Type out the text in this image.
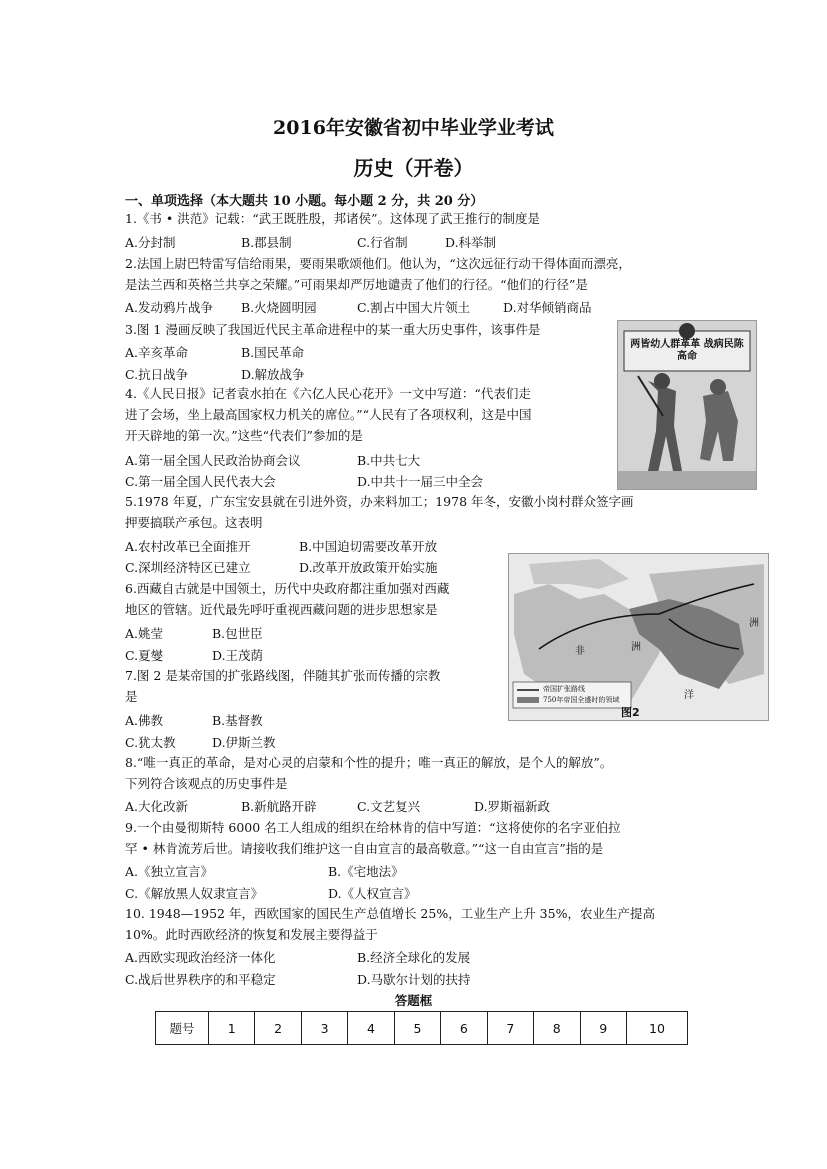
2016年安徽省初中毕业学业考试
历史（开卷）
一、单项选择（本大题共 10 小题。每小题 2 分，共 20 分）
1.《书 • 洪范》记载：“武王既胜殷，邦诸侯”。这体现了武王推行的制度是
A.分封制	B.郡县制	C.行省制	D.科举制
2.法国上尉巴特雷写信给雨果，要雨果歌颂他们。他认为，“这次远征行动干得体面而漂亮，
是法兰西和英格兰共享之荣耀。”可雨果却严厉地谴责了他们的行径。“他们的行径”是
A.发动鸦片战争 B.火烧圆明园	C.割占中国大片领土	D.对华倾销商品
3.图 1 漫画反映了我国近代民主革命进程中的某一重大历史事件，该事件是
A.辛亥革命	B.国民革命
C.抗日战争	D.解放战争
两皆幼人群革革 战病民陈高命
4.《人民日报》记者袁水拍在《六亿人民心花开》一文中写道：“代表们走
进了会场，坐上最高国家权力机关的席位。”“人民有了各项权利，这是中国
开天辟地的第一次。”这些“代表们”参加的是
A.第一届全国人民政治协商会议	B.中共七大
C.第一届全国人民代表大会	D.中共十一届三中全会
5.1978 年夏，广东宝安县就在引进外资，办来料加工；1978 年冬，安徽小岗村群众签字画
押要搞联产承包。这表明
A.农村改革已全面推开	B.中国迫切需要改革开放
C.深圳经济特区已建立	D.改革开放政策开始实施
非	洲
洲
洋
帝国扩张路线
750年帝国全盛时的领域
图2
6.西藏自古就是中国领土，历代中央政府都注重加强对西藏
地区的管辖。近代最先呼吁重视西藏问题的进步思想家是
A.姚莹	B.包世臣
C.夏燮	D.王茂荫
7.图 2 是某帝国的扩张路线图，伴随其扩张而传播的宗教
是
A.佛教	B.基督教
C.犹太教	D.伊斯兰教
8.“唯一真正的革命，是对心灵的启蒙和个性的提升；唯一真正的解放，是个人的解放”。
下列符合该观点的历史事件是
A.大化改新	B.新航路开辟	C.文艺复兴	D.罗斯福新政
9.一个由曼彻斯特 6000 名工人组成的组织在给林肯的信中写道：“这将使你的名字亚伯拉
罕 • 林肯流芳后世。请接收我们维护这一自由宣言的最高敬意。”“这一自由宣言”指的是
A.《独立宣言》	B.《宅地法》
C.《解放黑人奴隶宣言》	D.《人权宣言》
10. 1948—1952 年，西欧国家的国民生产总值增长 25%，工业生产上升 35%，农业生产提高
10%。此时西欧经济的恢复和发展主要得益于
A.西欧实现政治经济一体化	B.经济全球化的发展
C.战后世界秩序的和平稳定	D.马歇尔计划的扶持
答题框
题号	1	2	3	4	5	6	7	8	9	10
